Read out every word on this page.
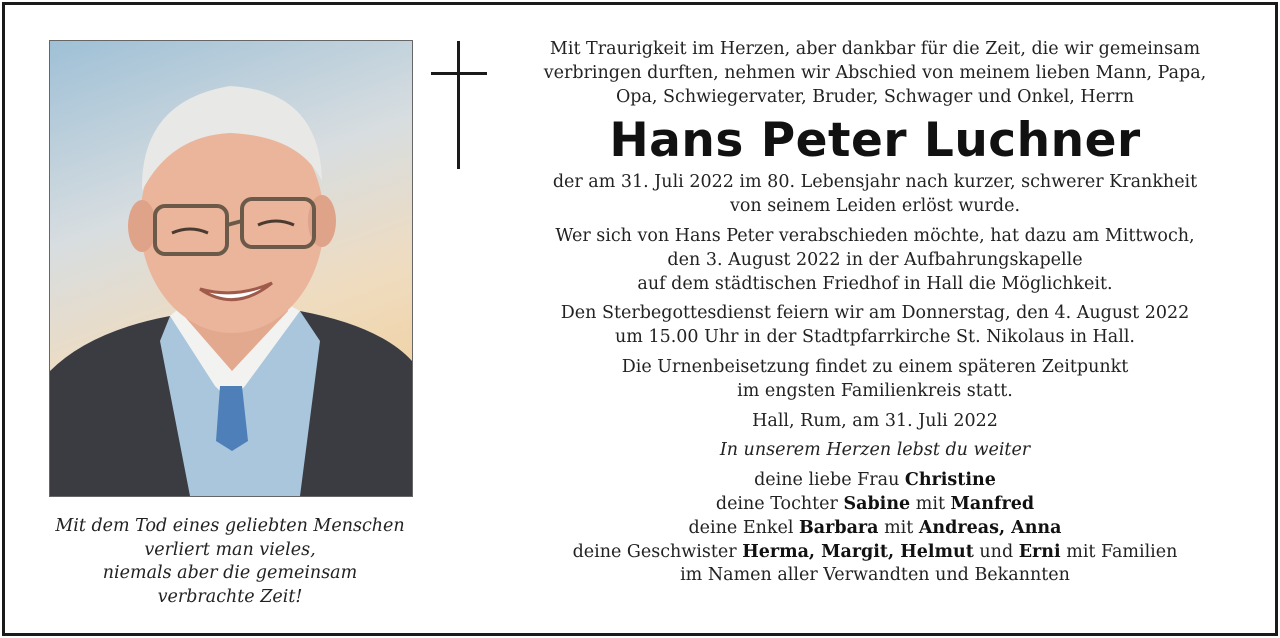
Mit dem Tod eines geliebten Menschen
verliert man vieles,
niemals aber die gemeinsam
verbrachte Zeit!
Mit Traurigkeit im Herzen, aber dankbar für die Zeit, die wir gemeinsam
verbringen durften, nehmen wir Abschied von meinem lieben Mann, Papa,
Opa, Schwiegervater, Bruder, Schwager und Onkel, Herrn
Hans Peter Luchner
der am 31. Juli 2022 im 80. Lebensjahr nach kurzer, schwerer Krankheit
von seinem Leiden erlöst wurde.
Wer sich von Hans Peter verabschieden möchte, hat dazu am Mittwoch,
den 3. August 2022 in der Aufbahrungskapelle
auf dem städtischen Friedhof in Hall die Möglichkeit.
Den Sterbegottesdienst feiern wir am Donnerstag, den 4. August 2022
um 15.00 Uhr in der Stadtpfarrkirche St. Nikolaus in Hall.
Die Urnenbeisetzung findet zu einem späteren Zeitpunkt
im engsten Familienkreis statt.
Hall, Rum, am 31. Juli 2022
In unserem Herzen lebst du weiter
deine liebe Frau Christine
deine Tochter Sabine mit Manfred
deine Enkel Barbara mit Andreas, Anna
deine Geschwister Herma, Margit, Helmut und Erni mit Familien
im Namen aller Verwandten und Bekannten
